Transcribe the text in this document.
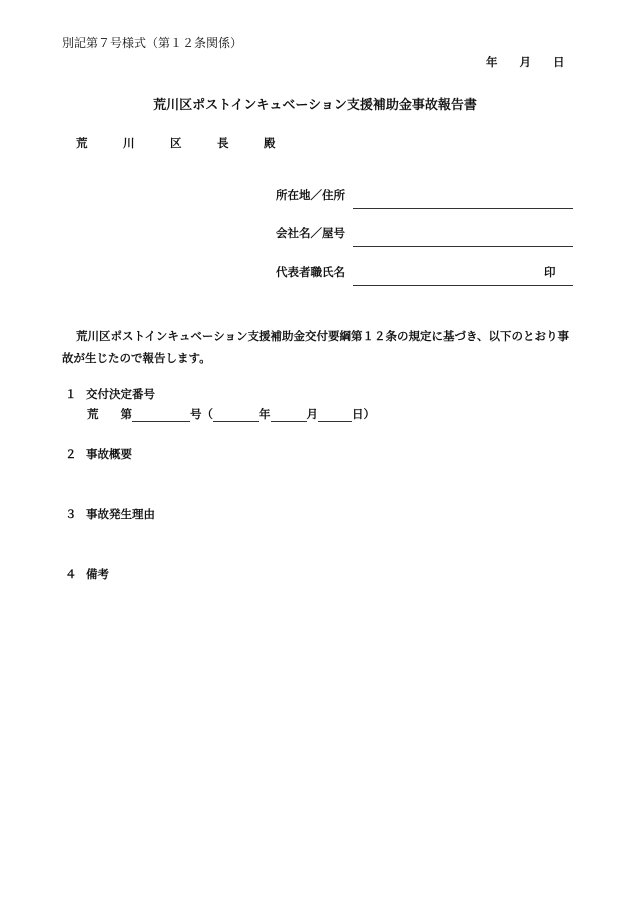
別記第７号様式（第１２条関係）
年 月 日
荒川区ポストインキュベーション支援補助金事故報告書
荒　川　区　長　殿
所在地／住所
会社名／屋号
代表者職氏名	印
荒川区ポストインキュベーション支援補助金交付要綱第１２条の規定に基づき、以下のとおり事故が生じたので報告します。
１ 交付決定番号
荒 第	号（	年	月	日）
２ 事故概要
３ 事故発生理由
４ 備考
